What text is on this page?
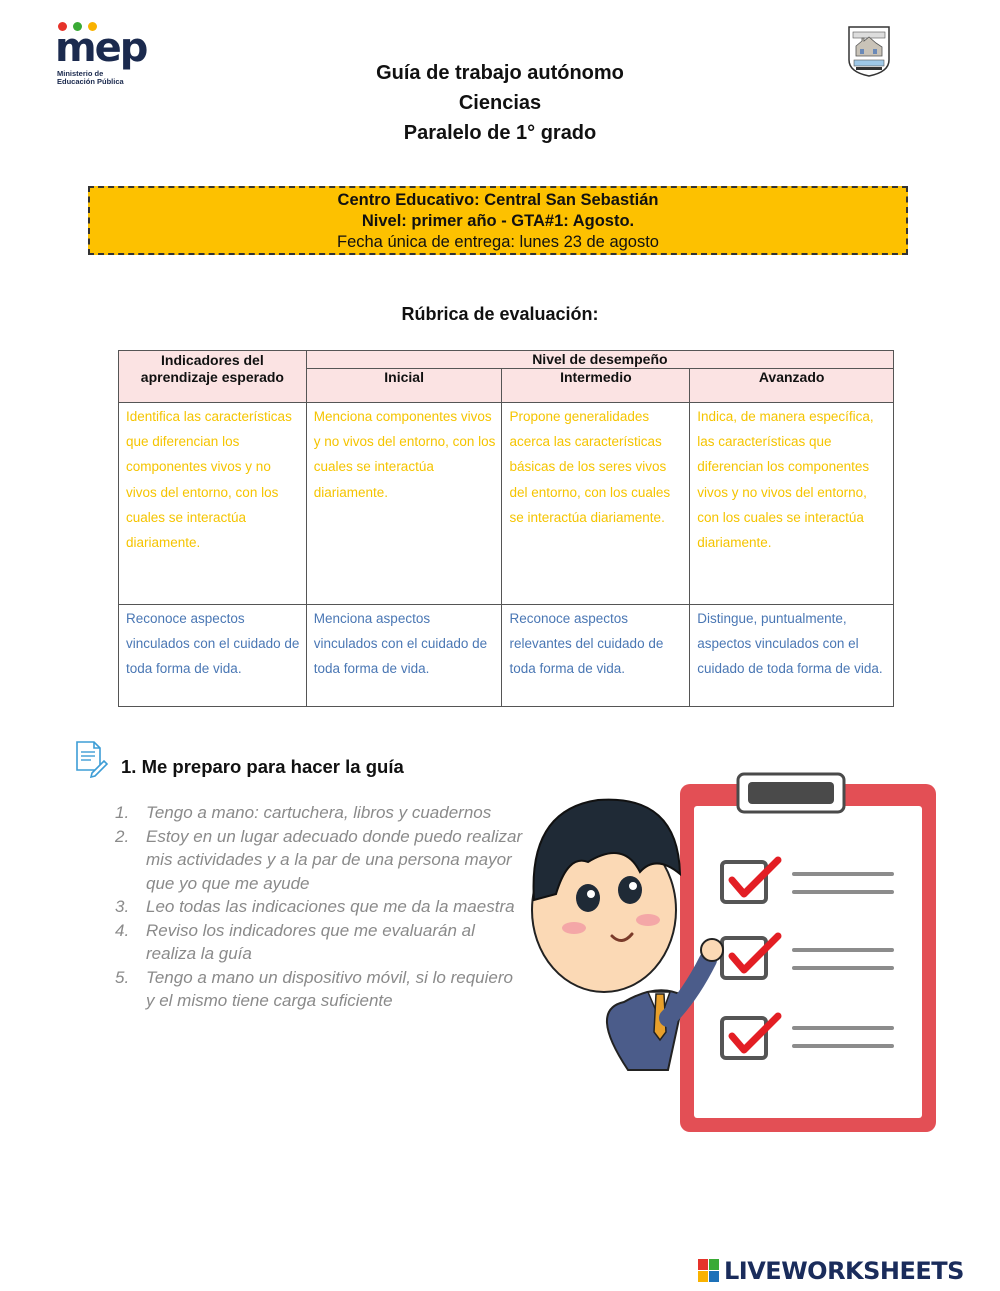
mep
Ministerio de
Educación Pública	Guía de trabajo autónomo
Ciencias
Paralelo de 1° grado
Centro Educativo: Central San Sebastián
Nivel: primer año - GTA#1: Agosto.
Fecha única de entrega: lunes 23 de agosto
Rúbrica de evaluación:
Indicadores del aprendizaje esperado	Nivel de desempeño		
	Inicial	Intermedio	Avanzado
Identifica las características que diferencian los componentes vivos y no vivos del entorno, con los cuales se interactúa diariamente.	Menciona componentes vivos y no vivos del entorno, con los cuales se interactúa diariamente.	Propone generalidades acerca las características básicas de los seres vivos del entorno, con los cuales se interactúa diariamente.	Indica, de manera específica, las características que diferencian los componentes vivos y no vivos del entorno, con los cuales se interactúa diariamente.
Reconoce aspectos vinculados con el cuidado de toda forma de vida.	Menciona aspectos vinculados con el cuidado de toda forma de vida.	Reconoce aspectos relevantes del cuidado de toda forma de vida.	Distingue, puntualmente, aspectos vinculados con el cuidado de toda forma de vida.
1. Me preparo para hacer la guía
1. Tengo a mano: cartuchera, libros y cuadernos
2. Estoy en un lugar adecuado donde puedo realizar mis actividades y a la par de una persona mayor que yo que me ayude
3. Leo todas las indicaciones que me da la maestra
4. Reviso los indicadores que me evaluarán al realiza la guía
5. Tengo a mano un dispositivo móvil, si lo requiero y el mismo tiene carga suficiente
LIVEWORKSHEETS
